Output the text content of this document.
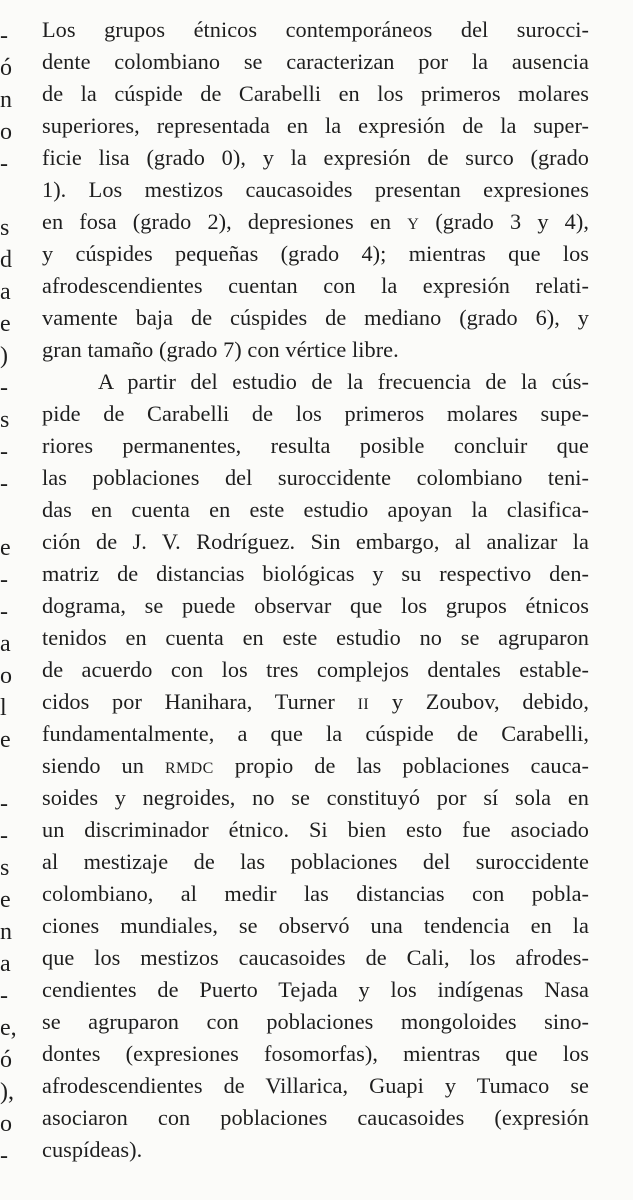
-
ó
n
o
-
s
d
a
e
)
-
s
-
-
e
-
-
a
o
l
e
-
-
s
e
n
a
-
e,
ó
),
o
-
Los grupos étnicos contemporáneos del surocci-
dente colombiano se caracterizan por la ausencia
de la cúspide de Carabelli en los primeros molares
superiores, representada en la expresión de la super-
ficie lisa (grado 0), y la expresión de surco (grado
1). Los mestizos caucasoides presentan expresiones
en fosa (grado 2), depresiones en y (grado 3 y 4),
y cúspides pequeñas (grado 4); mientras que los
afrodescendientes cuentan con la expresión relati-
vamente baja de cúspides de mediano (grado 6), y
gran tamaño (grado 7) con vértice libre.
A partir del estudio de la frecuencia de la cús-
pide de Carabelli de los primeros molares supe-
riores permanentes, resulta posible concluir que
las poblaciones del suroccidente colombiano teni-
das en cuenta en este estudio apoyan la clasifica-
ción de J. V. Rodríguez. Sin embargo, al analizar la
matriz de distancias biológicas y su respectivo den-
dograma, se puede observar que los grupos étnicos
tenidos en cuenta en este estudio no se agruparon
de acuerdo con los tres complejos dentales estable-
cidos por Hanihara, Turner ii y Zoubov, debido,
fundamentalmente, a que la cúspide de Carabelli,
siendo un rmdc propio de las poblaciones cauca-
soides y negroides, no se constituyó por sí sola en
un discriminador étnico. Si bien esto fue asociado
al mestizaje de las poblaciones del suroccidente
colombiano, al medir las distancias con pobla-
ciones mundiales, se observó una tendencia en la
que los mestizos caucasoides de Cali, los afrodes-
cendientes de Puerto Tejada y los indígenas Nasa
se agruparon con poblaciones mongoloides sino-
dontes (expresiones fosomorfas), mientras que los
afrodescendientes de Villarica, Guapi y Tumaco se
asociaron con poblaciones caucasoides (expresión
cuspídeas).
